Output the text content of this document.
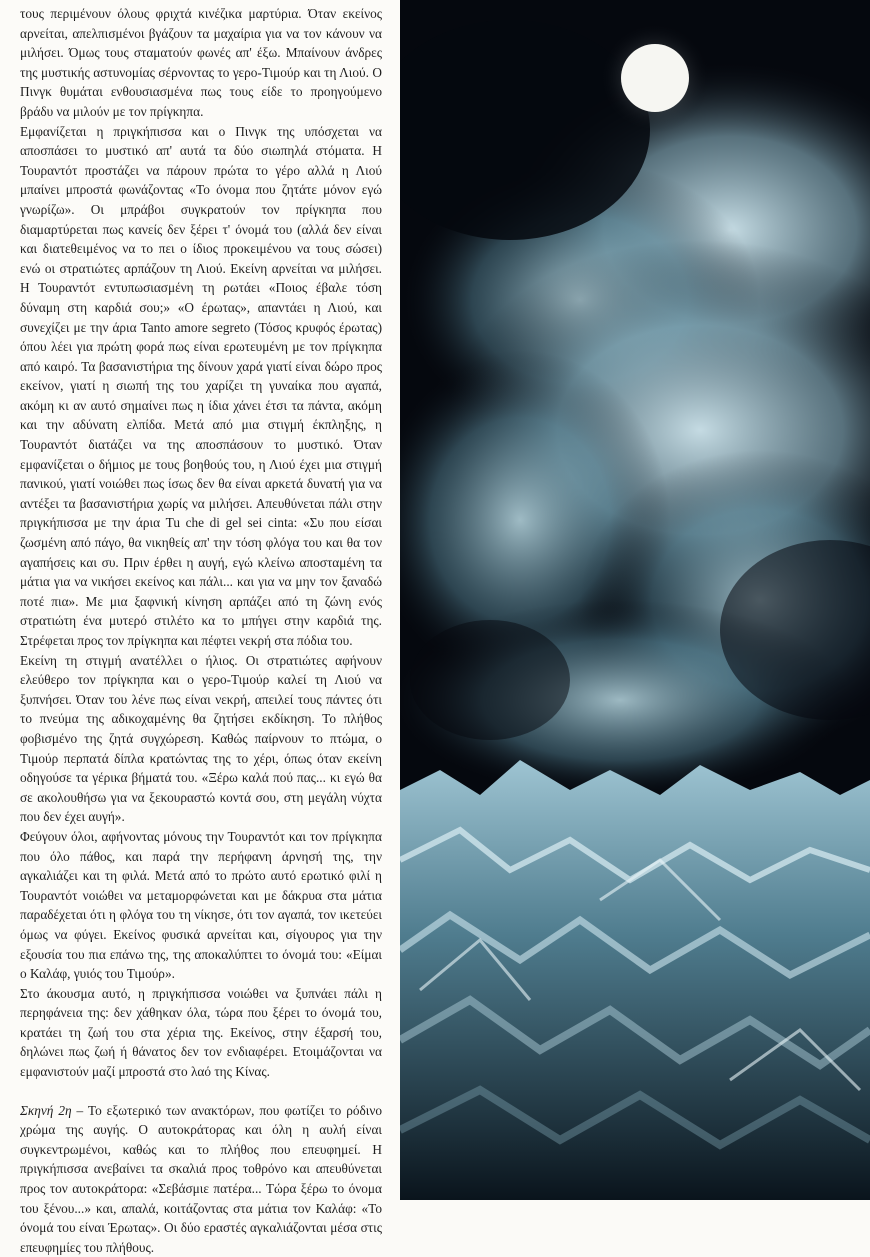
τους περιμένουν όλους φριχτά κινέζικα μαρτύρια. Όταν εκείνος αρνείται, απελπισμένοι βγάζουν τα μαχαίρια για να τον κάνουν να μιλήσει. Όμως τους σταματούν φωνές απ' έξω. Μπαίνουν άνδρες της μυστικής αστυνομίας σέρνοντας το γερο-Τιμούρ και τη Λιού. Ο Πινγκ θυμάται ενθουσιασμένα πως τους είδε το προηγούμενο βράδυ να μιλούν με τον πρίγκηπα.

Εμφανίζεται η πριγκήπισσα και ο Πινγκ της υπόσχεται να αποσπάσει το μυστικό απ' αυτά τα δύο σιωπηλά στόματα. Η Τουραντότ προστάζει να πάρουν πρώτα το γέρο αλλά η Λιού μπαίνει μπροστά φωνάζοντας «Το όνομα που ζητάτε μόνον εγώ γνωρίζω». Οι μπράβοι συγκρατούν τον πρίγκηπα που διαμαρτύρεται πως κανείς δεν ξέρει τ' όνομά του (αλλά δεν είναι και διατεθειμένος να το πει ο ίδιος προκειμένου να τους σώσει) ενώ οι στρατιώτες αρπάζουν τη Λιού. Εκείνη αρνείται να μιλήσει. Η Τουραντότ εντυπωσιασμένη τη ρωτάει «Ποιος έβαλε τόση δύναμη στη καρδιά σου;» «Ο έρωτας», απαντάει η Λιού, και συνεχίζει με την άρια Tanto amore segreto (Τόσος κρυφός έρωτας) όπου λέει για πρώτη φορά πως είναι ερωτευμένη με τον πρίγκηπα από καιρό. Τα βασανιστήρια της δίνουν χαρά γιατί είναι δώρο προς εκείνον, γιατί η σιωπή της του χαρίζει τη γυναίκα που αγαπά, ακόμη κι αν αυτό σημαίνει πως η ίδια χάνει έτσι τα πάντα, ακόμη και την αδύνατη ελπίδα. Μετά από μια στιγμή έκπληξης, η Τουραντότ διατάζει να της αποσπάσουν το μυστικό. Όταν εμφανίζεται ο δήμιος με τους βοηθούς του, η Λιού έχει μια στιγμή πανικού, γιατί νοιώθει πως ίσως δεν θα είναι αρκετά δυνατή για να αντέξει τα βασανιστήρια χωρίς να μιλήσει. Απευθύνεται πάλι στην πριγκήπισσα με την άρια Tu che di gel sei cinta: «Συ που είσαι ζωσμένη από πάγο, θα νικηθείς απ' την τόση φλόγα του και θα τον αγαπήσεις και συ. Πριν έρθει η αυγή, εγώ κλείνω αποσταμένη τα μάτια για να νικήσει εκείνος και πάλι... και για να μην τον ξαναδώ ποτέ πια». Με μια ξαφνική κίνηση αρπάζει από τη ζώνη ενός στρατιώτη ένα μυτερό στιλέτο κα το μπήγει στην καρδιά της. Στρέφεται προς τον πρίγκηπα και πέφτει νεκρή στα πόδια του.

Εκείνη τη στιγμή ανατέλλει ο ήλιος. Οι στρατιώτες αφήνουν ελεύθερο τον πρίγκηπα και ο γερο-Τιμούρ καλεί τη Λιού να ξυπνήσει. Όταν του λένε πως είναι νεκρή, απειλεί τους πάντες ότι το πνεύμα της αδικοχαμένης θα ζητήσει εκδίκηση. Το πλήθος φοβισμένο της ζητά συγχώρεση. Καθώς παίρνουν το πτώμα, ο Τιμούρ περπατά δίπλα κρατώντας της το χέρι, όπως όταν εκείνη οδηγούσε τα γέρικα βήματά του. «Ξέρω καλά πού πας... κι εγώ θα σε ακολουθήσω για να ξεκουραστώ κοντά σου, στη μεγάλη νύχτα που δεν έχει αυγή».

Φεύγουν όλοι, αφήνοντας μόνους την Τουραντότ και τον πρίγκηπα που όλο πάθος, και παρά την περήφανη άρνησή της, την αγκαλιάζει και τη φιλά. Μετά από το πρώτο αυτό ερωτικό φιλί η Τουραντότ νοιώθει να μεταμορφώνεται και με δάκρυα στα μάτια παραδέχεται ότι η φλόγα του τη νίκησε, ότι τον αγαπά, τον ικετεύει όμως να φύγει. Εκείνος φυσικά αρνείται και, σίγουρος για την εξουσία του πια επάνω της, της αποκαλύπτει το όνομά του: «Είμαι ο Καλάφ, γυιός του Τιμούρ».

Στο άκουσμα αυτό, η πριγκήπισσα νοιώθει να ξυπνάει πάλι η περηφάνεια της: δεν χάθηκαν όλα, τώρα που ξέρει το όνομά του, κρατάει τη ζωή του στα χέρια της. Εκείνος, στην έξαρσή του, δηλώνει πως ζωή ή θάνατος δεν τον ενδιαφέρει. Ετοιμάζονται να εμφανιστούν μαζί μπροστά στο λαό της Κίνας.

Σκηνή 2η – Το εξωτερικό των ανακτόρων, που φωτίζει το ρόδινο χρώμα της αυγής. Ο αυτοκράτορας και όλη η αυλή είναι συγκεντρωμένοι, καθώς και το πλήθος που επευφημεί. Η πριγκήπισσα ανεβαίνει τα σκαλιά προς τοθρόνο και απευθύνεται προς τον αυτοκράτορα: «Σεβάσμιε πατέρα... Τώρα ξέρω το όνομα του ξένου...» και, απαλά, κοιτάζοντας στα μάτια τον Καλάφ: «Το όνομά του είναι Έρωτας». Οι δύο εραστές αγκαλιάζονται μέσα στις επευφημίες του πλήθους.
